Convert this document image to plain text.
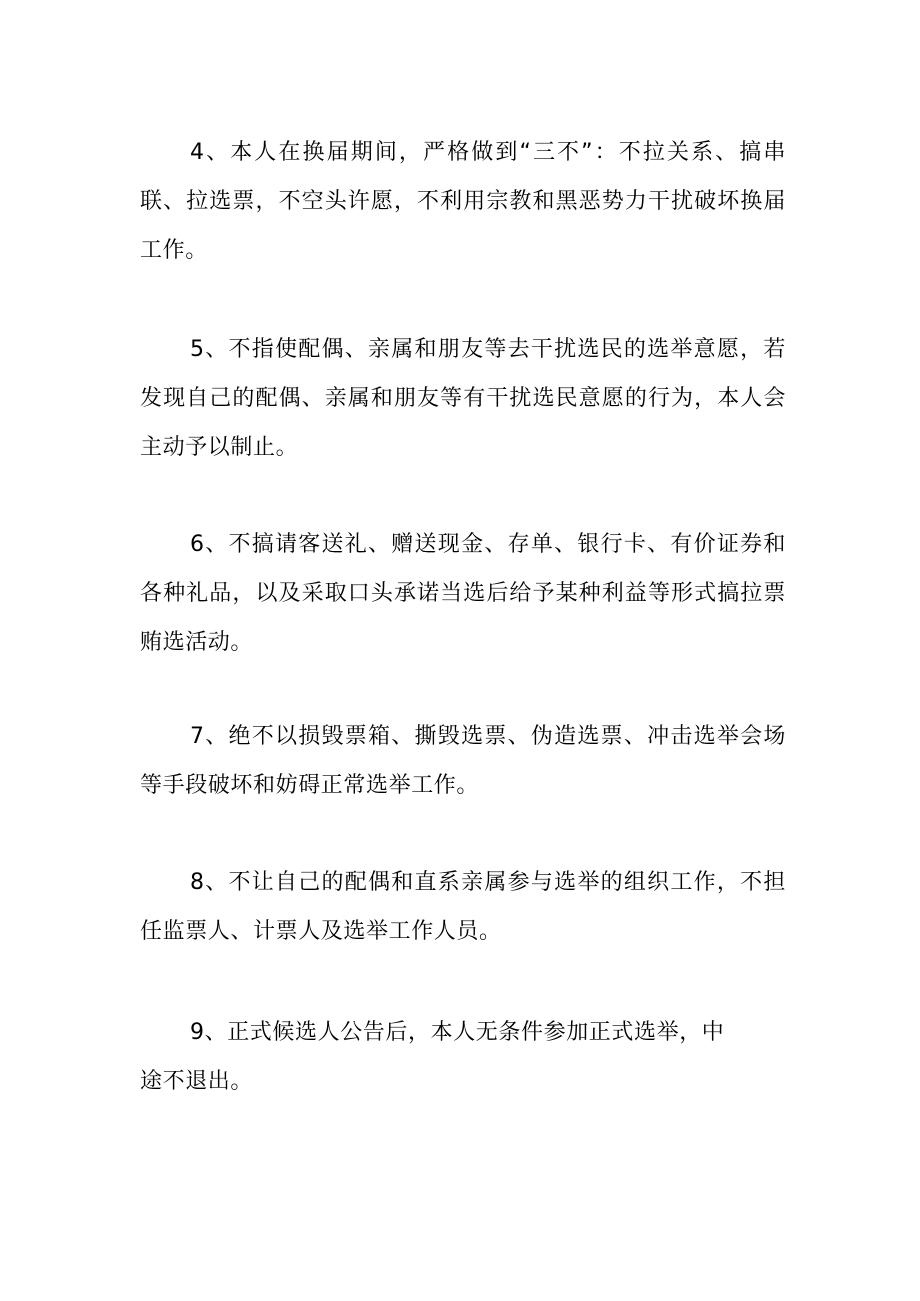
4、本人在换届期间，严格做到“三不”：不拉关系、搞串
联、拉选票，不空头许愿，不利用宗教和黑恶势力干扰破坏换届
工作。
5、不指使配偶、亲属和朋友等去干扰选民的选举意愿，若
发现自己的配偶、亲属和朋友等有干扰选民意愿的行为，本人会
主动予以制止。
6、不搞请客送礼、赠送现金、存单、银行卡、有价证券和
各种礼品，以及采取口头承诺当选后给予某种利益等形式搞拉票
贿选活动。
7、绝不以损毁票箱、撕毁选票、伪造选票、冲击选举会场
等手段破坏和妨碍正常选举工作。
8、不让自己的配偶和直系亲属参与选举的组织工作，不担
任监票人、计票人及选举工作人员。
9、正式候选人公告后，本人无条件参加正式选举，中
途不退出。
